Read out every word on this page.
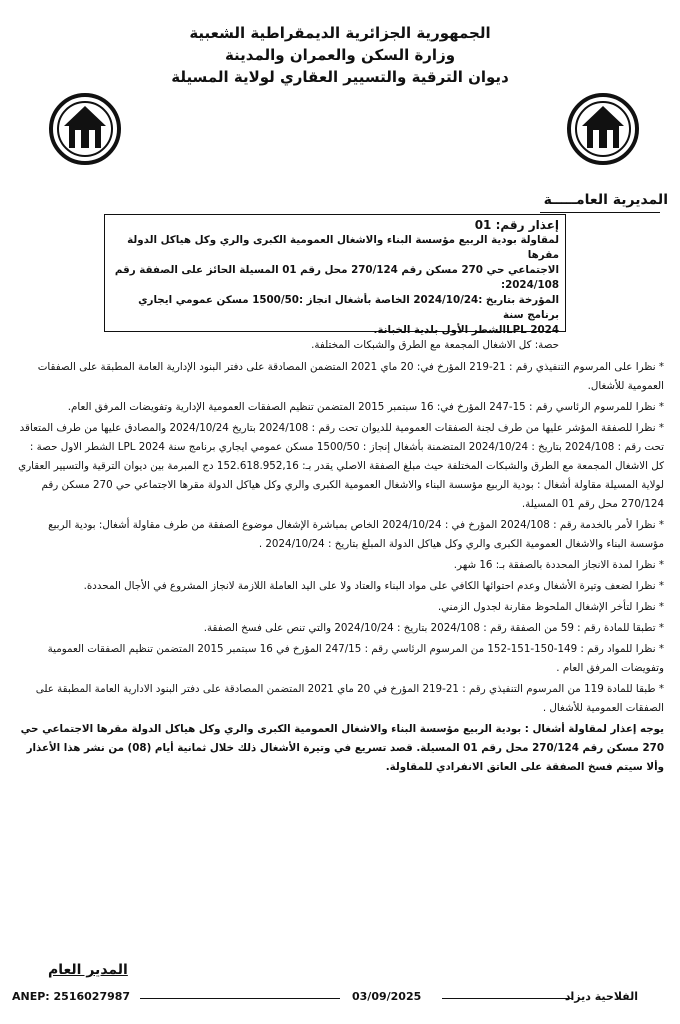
الجمهورية الجزائرية الديمقراطية الشعبية
وزارة السكن والعمران والمدينة
ديوان الترقية والتسيير العقاري لولاية المسيلة
المديرية العامـــــة
إعذار رقم: 01
لمقاولة بودية الربيع مؤسسة البناء والاشغال العمومية الكبرى والري وكل هياكل الدولة مقرها
الاجتماعي حي 270 مسكن رقم 270/124 محل رقم 01 المسيلة الحائز على الصفقة رقم 2024/108:
المؤرخة بتاريخ :2024/10/24 الخاصة بأشغال انجاز :1500/50 مسكن عمومي ايجاري برنامج سنة
LPL 2024الشطر الأول بلدية الخبانة.
حصة: كل الاشغال المجمعة مع الطرق والشبكات المختلفة.

* نظرا على المرسوم التنفيذي رقم : 21-219 المؤرخ في: 20 ماي 2021 المتضمن المصادقة على دفتر البنود الإدارية العامة المطبقة على الصفقات العمومية للأشغال.

* نظرا للمرسوم الرئاسي رقم : 15-247 المؤرخ في: 16 سبتمبر 2015 المتضمن تنظيم الصفقات العمومية الإدارية وتفويضات المرفق العام.

* نظرا للصفقة المؤشر عليها من طرف لجنة الصفقات العمومية للديوان تحت رقم : 2024/108 بتاريخ 2024/10/24 والمصادق عليها من طرف المتعاقد تحت رقم : 2024/108 بتاريخ : 2024/10/24 المتضمنة بأشغال إنجاز : 1500/50 مسكن عمومي ايجاري برنامج سنة 2024 LPL الشطر الاول حصة : كل الاشغال المجمعة مع الطرق والشبكات المختلفة حيث مبلغ الصفقة الاصلي يقدر بـ: 152.618.952,16 دج المبرمة بين ديوان الترقية والتسيير العقاري لولاية المسيلة مقاولة أشغال : بودية الربيع مؤسسة البناء والاشغال العمومية الكبرى والري وكل هياكل الدولة مقرها الاجتماعي حي 270 مسكن رقم 270/124 محل رقم 01 المسيلة.

* نظرا لأمر بالخدمة رقم : 2024/108 المؤرخ في : 2024/10/24 الخاص بمباشرة الإشغال موضوع الصفقة من طرف مقاولة أشغال: بودية الربيع مؤسسة البناء والاشغال العمومية الكبرى والري وكل هياكل الدولة المبلغ بتاريخ : 2024/10/24 .

* نظرا لمدة الانجاز المحددة بالصفقة بـ: 16 شهر.

* نظرا لضعف وتيرة الأشغال وعدم احتوائها الكافي على مواد البناء والعتاد ولا على اليد العاملة اللازمة لانجاز المشروع في الأجال المحددة.

* نظرا لتأخر الإشغال الملحوظ مقارنة لجدول الزمني.

* تطبقا للمادة رقم : 59 من الصفقة رقم : 2024/108 بتاريخ : 2024/10/24 والتي تنص على فسخ الصفقة.

* نظرا للمواد رقم : 149-150-151-152 من المرسوم الرئاسي رقم : 247/15 المؤرخ في 16 سبتمبر 2015 المتضمن تنظيم الصفقات العمومية وتفويضات المرفق العام .

* طبقا للمادة 119 من المرسوم التنفيذي رقم : 21-219 المؤرخ في 20 ماي 2021 المتضمن المصادقة على دفتر البنود الادارية العامة المطبقة على الصفقات العمومية للأشغال .

يوجه إعذار لمقاولة أشغال : بودية الربيع مؤسسة البناء والاشغال العمومية الكبرى والري وكل هياكل الدولة مقرها الاجتماعي حي 270 مسكن رقم 270/124 محل رقم 01 المسيلة. قصد تسريع في وتيرة الأشغال ذلك خلال ثمانية أيام (08) من نشر هذا الأعذار وألا سيتم فسخ الصفقة على العاتق الانفرادي للمقاولة.

المدير العام
ANEP: 2516027987	03/09/2025	الفلاحية ديزاد
